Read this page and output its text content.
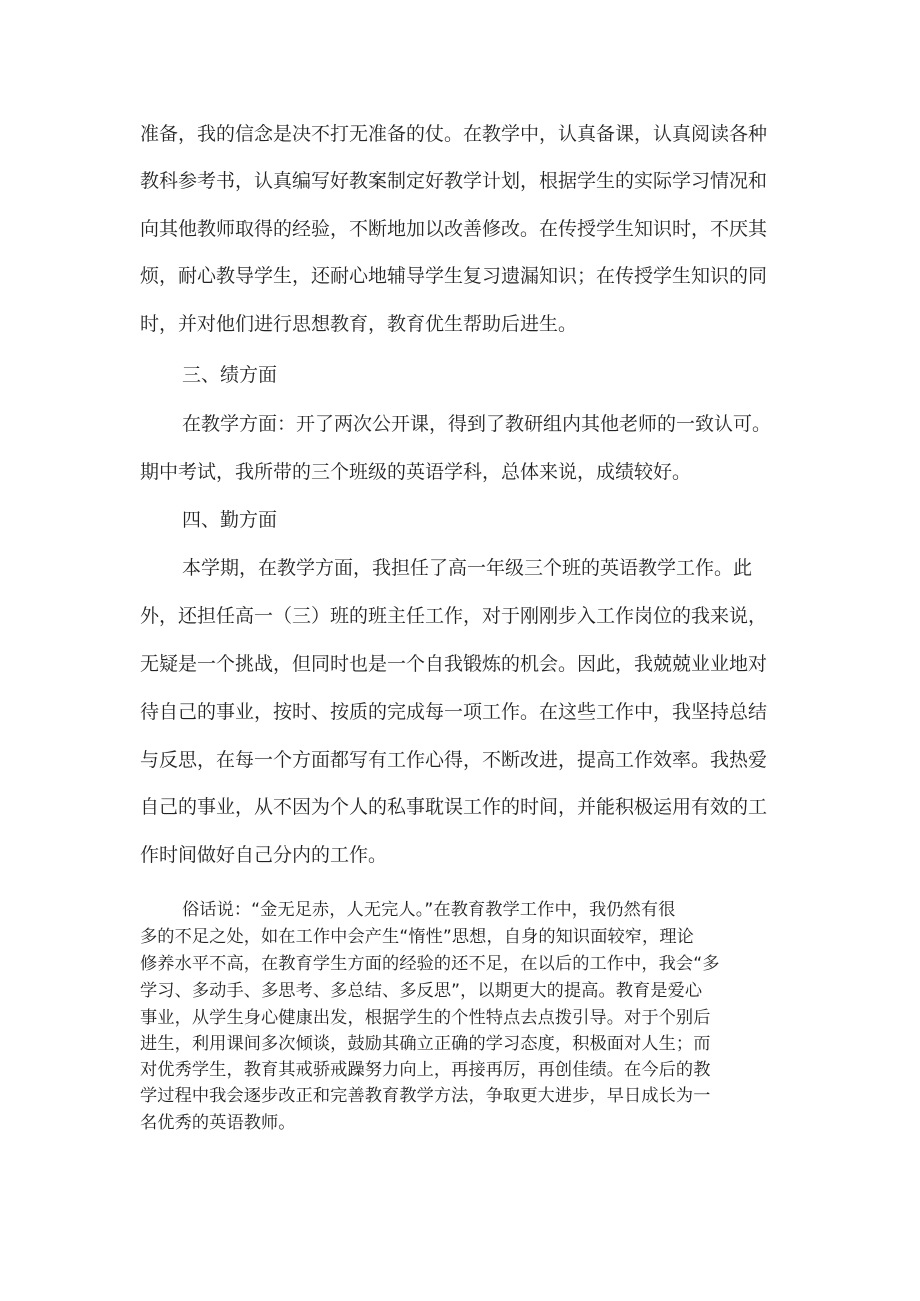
准备，我的信念是决不打无准备的仗。在教学中，认真备课，认真阅读各种
教科参考书，认真编写好教案制定好教学计划，根据学生的实际学习情况和
向其他教师取得的经验，不断地加以改善修改。在传授学生知识时，不厌其
烦，耐心教导学生，还耐心地辅导学生复习遗漏知识；在传授学生知识的同
时，并对他们进行思想教育，教育优生帮助后进生。
三、绩方面
在教学方面：开了两次公开课，得到了教研组内其他老师的一致认可。
期中考试，我所带的三个班级的英语学科，总体来说，成绩较好。
四、勤方面
本学期，在教学方面，我担任了高一年级三个班的英语教学工作。此
外，还担任高一（三）班的班主任工作，对于刚刚步入工作岗位的我来说，
无疑是一个挑战，但同时也是一个自我锻炼的机会。因此，我兢兢业业地对
待自己的事业，按时、按质的完成每一项工作。在这些工作中，我坚持总结
与反思，在每一个方面都写有工作心得，不断改进，提高工作效率。我热爱
自己的事业，从不因为个人的私事耽误工作的时间，并能积极运用有效的工
作时间做好自己分内的工作。
俗话说：“金无足赤，人无完人。”在教育教学工作中，我仍然有很
多的不足之处，如在工作中会产生“惰性”思想，自身的知识面较窄，理论
修养水平不高，在教育学生方面的经验的还不足，在以后的工作中，我会“多
学习、多动手、多思考、多总结、多反思”，以期更大的提高。教育是爱心
事业，从学生身心健康出发，根据学生的个性特点去点拨引导。对于个别后
进生，利用课间多次倾谈，鼓励其确立正确的学习态度，积极面对人生；而
对优秀学生，教育其戒骄戒躁努力向上，再接再厉，再创佳绩。在今后的教
学过程中我会逐步改正和完善教育教学方法，争取更大进步，早日成长为一
名优秀的英语教师。
